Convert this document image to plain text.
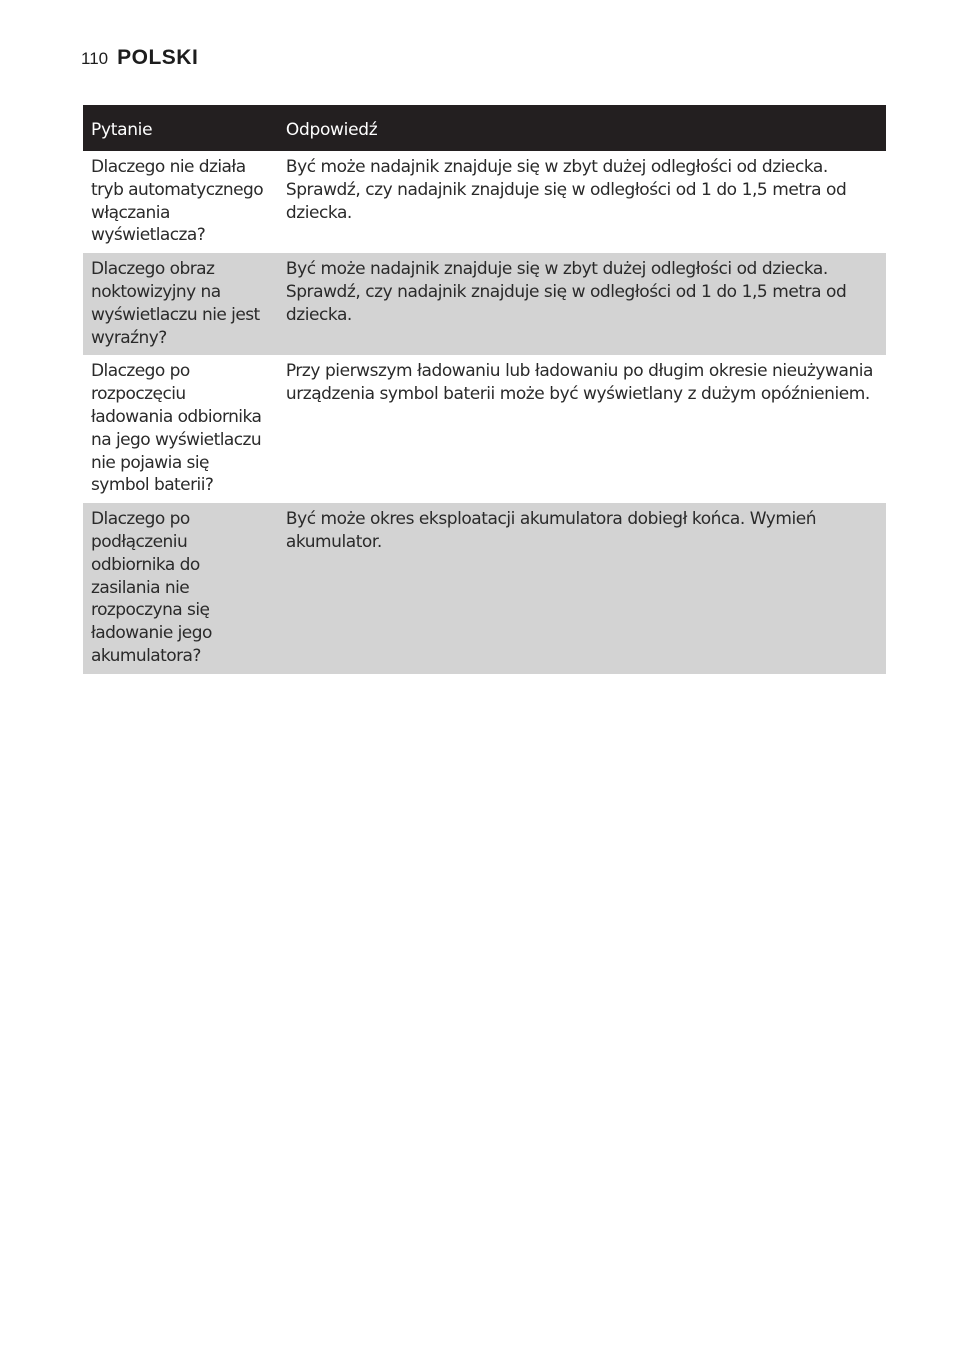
110 POLSKI
Pytanie	Odpowiedź
Dlaczego nie działa tryb automatycznego włączania wyświetlacza?	Być może nadajnik znajduje się w zbyt dużej odległości od dziecka. Sprawdź, czy nadajnik znajduje się w odległości od 1 do 1,5 metra od dziecka.
Dlaczego obraz noktowizyjny na wyświetlaczu nie jest wyraźny?	Być może nadajnik znajduje się w zbyt dużej odległości od dziecka. Sprawdź, czy nadajnik znajduje się w odległości od 1 do 1,5 metra od dziecka.
Dlaczego po rozpoczęciu ładowania odbiornika na jego wyświetlaczu nie pojawia się symbol baterii?	Przy pierwszym ładowaniu lub ładowaniu po długim okresie nieużywania urządzenia symbol baterii może być wyświetlany z dużym opóźnieniem.
Dlaczego po podłączeniu odbiornika do zasilania nie rozpoczyna się ładowanie jego akumulatora?	Być może okres eksploatacji akumulatora dobiegł końca. Wymień akumulator.
